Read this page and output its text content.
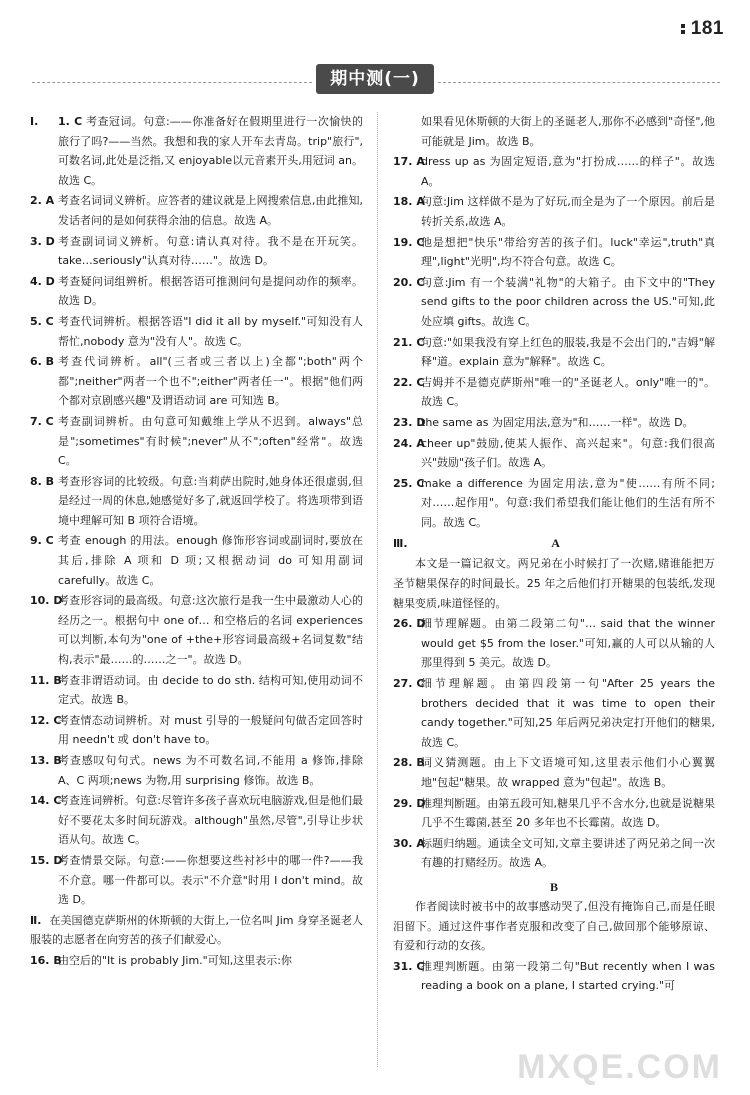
181
期中测(一)
Ⅰ. 1. C 考查冠词。句意:——你准备好在假期里进行一次愉快的旅行了吗?——当然。我想和我的家人开车去青岛。trip"旅行",可数名词,此处是泛指,又 enjoyable以元音素开头,用冠词 an。故选 C。
2. A 考查名词词义辨析。应答者的建议就是上网搜索信息,由此推知,发话者问的是如何获得余油的信息。故选 A。
3. D 考查副词词义辨析。句意:请认真对待。我不是在开玩笑。take…seriously"认真对待……"。故选 D。
4. D 考查疑问词组辨析。根据答语可推测问句是提问动作的频率。故选 D。
5. C 考查代词辨析。根据答语"I did it all by myself."可知没有人帮忙,nobody 意为"没有人"。故选 C。
6. B 考查代词辨析。all"(三者或三者以上)全都";both"两个都";neither"两者一个也不";either"两者任一"。根据"他们两个都对京剧感兴趣"及谓语动词 are 可知选 B。
7. C 考查副词辨析。由句意可知戴维上学从不迟到。always"总是";sometimes"有时候";never"从不";often"经常"。故选 C。
8. B 考查形容词的比较级。句意:当莉萨出院时,她身体还很虚弱,但是经过一周的休息,她感觉好多了,就返回学校了。将选项带到语境中理解可知 B 项符合语境。
9. C 考查 enough 的用法。enough 修饰形容词或副词时,要放在其后,排除 A 项和 D 项;又根据动词 do 可知用副词 carefully。故选 C。
10. D
考查形容词的最高级。句意:这次旅行是我一生中最激动人心的经历之一。根据句中 one of… 和空格后的名词 experiences 可以判断,本句为"one of +the+形容词最高级+名词复数"结构,表示"最……的……之一"。故选 D。
11. B
考查非谓语动词。由 decide to do sth. 结构可知,使用动词不定式。故选 B。
12. C
考查情态动词辨析。对 must 引导的一般疑问句做否定回答时用 needn't 或 don't have to。
13. B
考查感叹句句式。news 为不可数名词,不能用 a 修饰,排除 A、C 两项;news 为物,用 surprising 修饰。故选 B。
14. C
考查连词辨析。句意:尽管许多孩子喜欢玩电脑游戏,但是他们最好不要花太多时间玩游戏。although"虽然,尽管",引导让步状语从句。故选 C。
15. D
考查情景交际。句意:——你想要这些衬衫中的哪一件?——我不介意。哪一件都可以。表示"不介意"时用 I don't mind。故选 D。
Ⅱ. 在美国德克萨斯州的休斯顿的大街上,一位名叫 Jim 身穿圣诞老人服装的志愿者在向穷苦的孩子们献爱心。
16. B
由空后的"It is probably Jim."可知,这里表示:你
如果看见休斯顿的大街上的圣诞老人,那你不必感到"奇怪",他可能就是 Jim。故选 B。
17. A
dress up as 为固定短语,意为"打扮成……的样子"。故选 A。
18. A
句意:Jim 这样做不是为了好玩,而全是为了一个原因。前后是转折关系,故选 A。
19. C
他是想把"快乐"带给穷苦的孩子们。luck"幸运",truth"真理",light"光明",均不符合句意。故选 C。
20. C
句意:Jim 有一个装满"礼物"的大箱子。由下文中的"They send gifts to the poor children across the US."可知,此处应填 gifts。故选 C。
21. C
句意:"如果我没有穿上红色的服装,我是不会出门的,"吉姆"解释"道。explain 意为"解释"。故选 C。
22. C
吉姆并不是德克萨斯州"唯一的"圣诞老人。only"唯一的"。故选 C。
23. D
the same as 为固定用法,意为"和……一样"。故选 D。
24. A
cheer up"鼓励,使某人振作、高兴起来"。句意:我们很高兴"鼓励"孩子们。故选 A。
25. C
make a difference 为固定用法,意为"使……有所不同;对……起作用"。句意:我们希望我们能让他们的生活有所不同。故选 C。
Ⅲ.	A
本文是一篇记叙文。两兄弟在小时候打了一次赌,赌谁能把万圣节糖果保存的时间最长。25 年之后他们打开糖果的包装纸,发现糖果变质,味道怪怪的。
26. D
细节理解题。由第二段第二句"… said that the winner would get $5 from the loser."可知,赢的人可以从输的人那里得到 5 美元。故选 D。
27. C
细节理解题。由第四段第一句"After 25 years the brothers decided that it was time to open their candy together."可知,25 年后两兄弟决定打开他们的糖果,故选 C。
28. B
词义猜测题。由上下文语境可知,这里表示他们小心翼翼地"包起"糖果。故 wrapped 意为"包起"。故选 B。
29. D
推理判断题。由第五段可知,糖果几乎不含水分,也就是说糖果几乎不生霉菌,甚至 20 多年也不长霉菌。故选 D。
30. A
标题归纳题。通读全文可知,文章主要讲述了两兄弟之间一次有趣的打赌经历。故选 A。
B
作者阅读时被书中的故事感动哭了,但没有掩饰自己,而是任眼泪留下。通过这件事作者克服和改变了自己,做回那个能够原谅、有爱和行动的女孩。
31. C
推理判断题。由第一段第二句"But recently when I was reading a book on a plane, I started crying."可
MXQE.COM
